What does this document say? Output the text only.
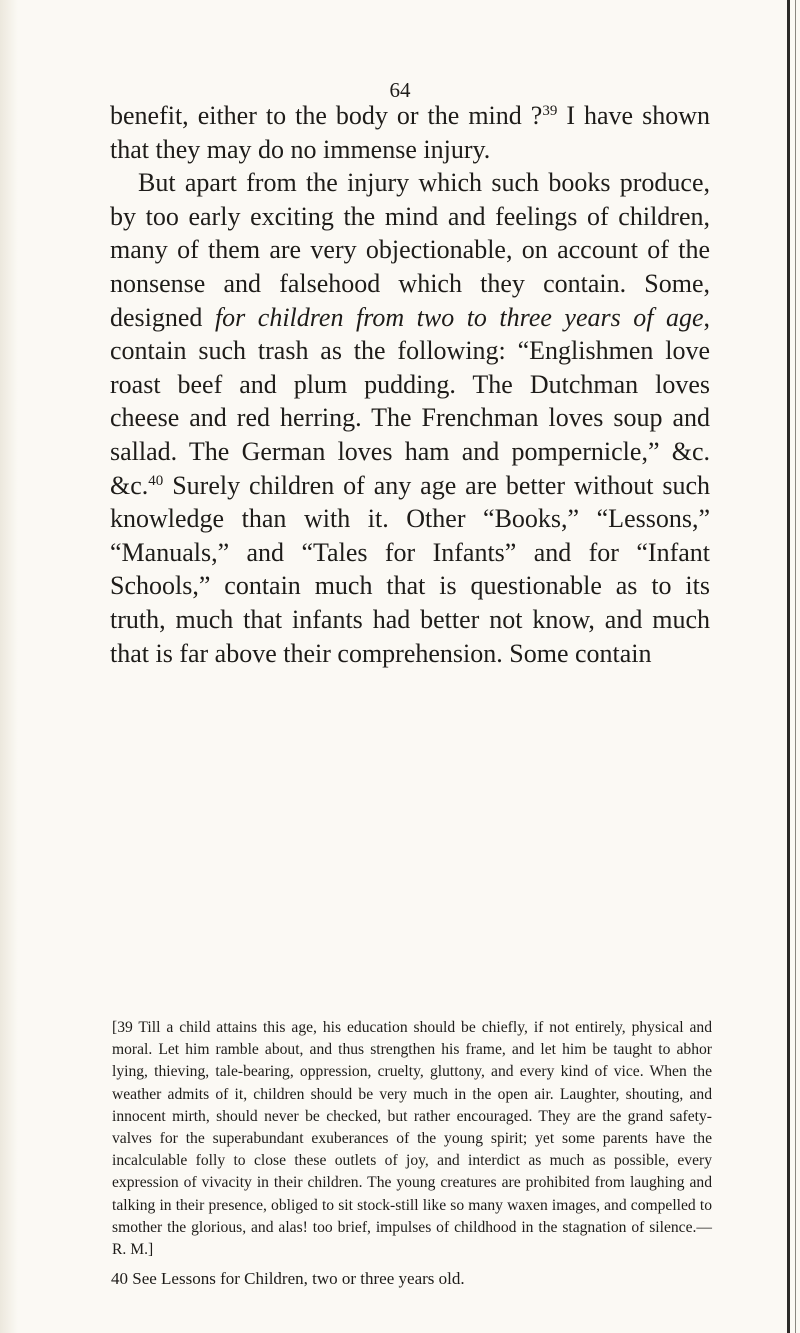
64

benefit, either to the body or the mind ?$^{39}$ I have shown that they may do no immense injury.

But apart from the injury which such books produce, by too early exciting the mind and feelings of children, many of them are very objectionable, on account of the nonsense and falsehood which they contain. Some, designed for children from two to three years of age, contain such trash as the following: “Englishmen love roast beef and plum pudding. The Dutchman loves cheese and red herring. The Frenchman loves soup and sallad. The German loves ham and pompernicle,” &c. &c.$^{40}$ Surely children of any age are better without such knowledge than with it. Other “Books,” “Lessons,” “Manuals,” and “Tales for Infants” and for “Infant Schools,” contain much that is questionable as to its truth, much that infants had better not know, and much that is far above their comprehension. Some contain

[39 Till a child attains this age, his education should be chiefly, if not entirely, physical and moral. Let him ramble about, and thus strengthen his frame, and let him be taught to abhor lying, thieving, tale-bearing, oppression, cruelty, gluttony, and every kind of vice. When the weather admits of it, children should be very much in the open air. Laughter, shouting, and innocent mirth, should never be checked, but rather encouraged. They are the grand safety-valves for the superabundant exuberances of the young spirit; yet some parents have the incalculable folly to close these outlets of joy, and interdict as much as possible, every expression of vivacity in their children. The young creatures are prohibited from laughing and talking in their presence, obliged to sit stock-still like so many waxen images, and compelled to smother the glorious, and alas! too brief, impulses of childhood in the stagnation of silence.—R. M.]

40 See Lessons for Children, two or three years old.
